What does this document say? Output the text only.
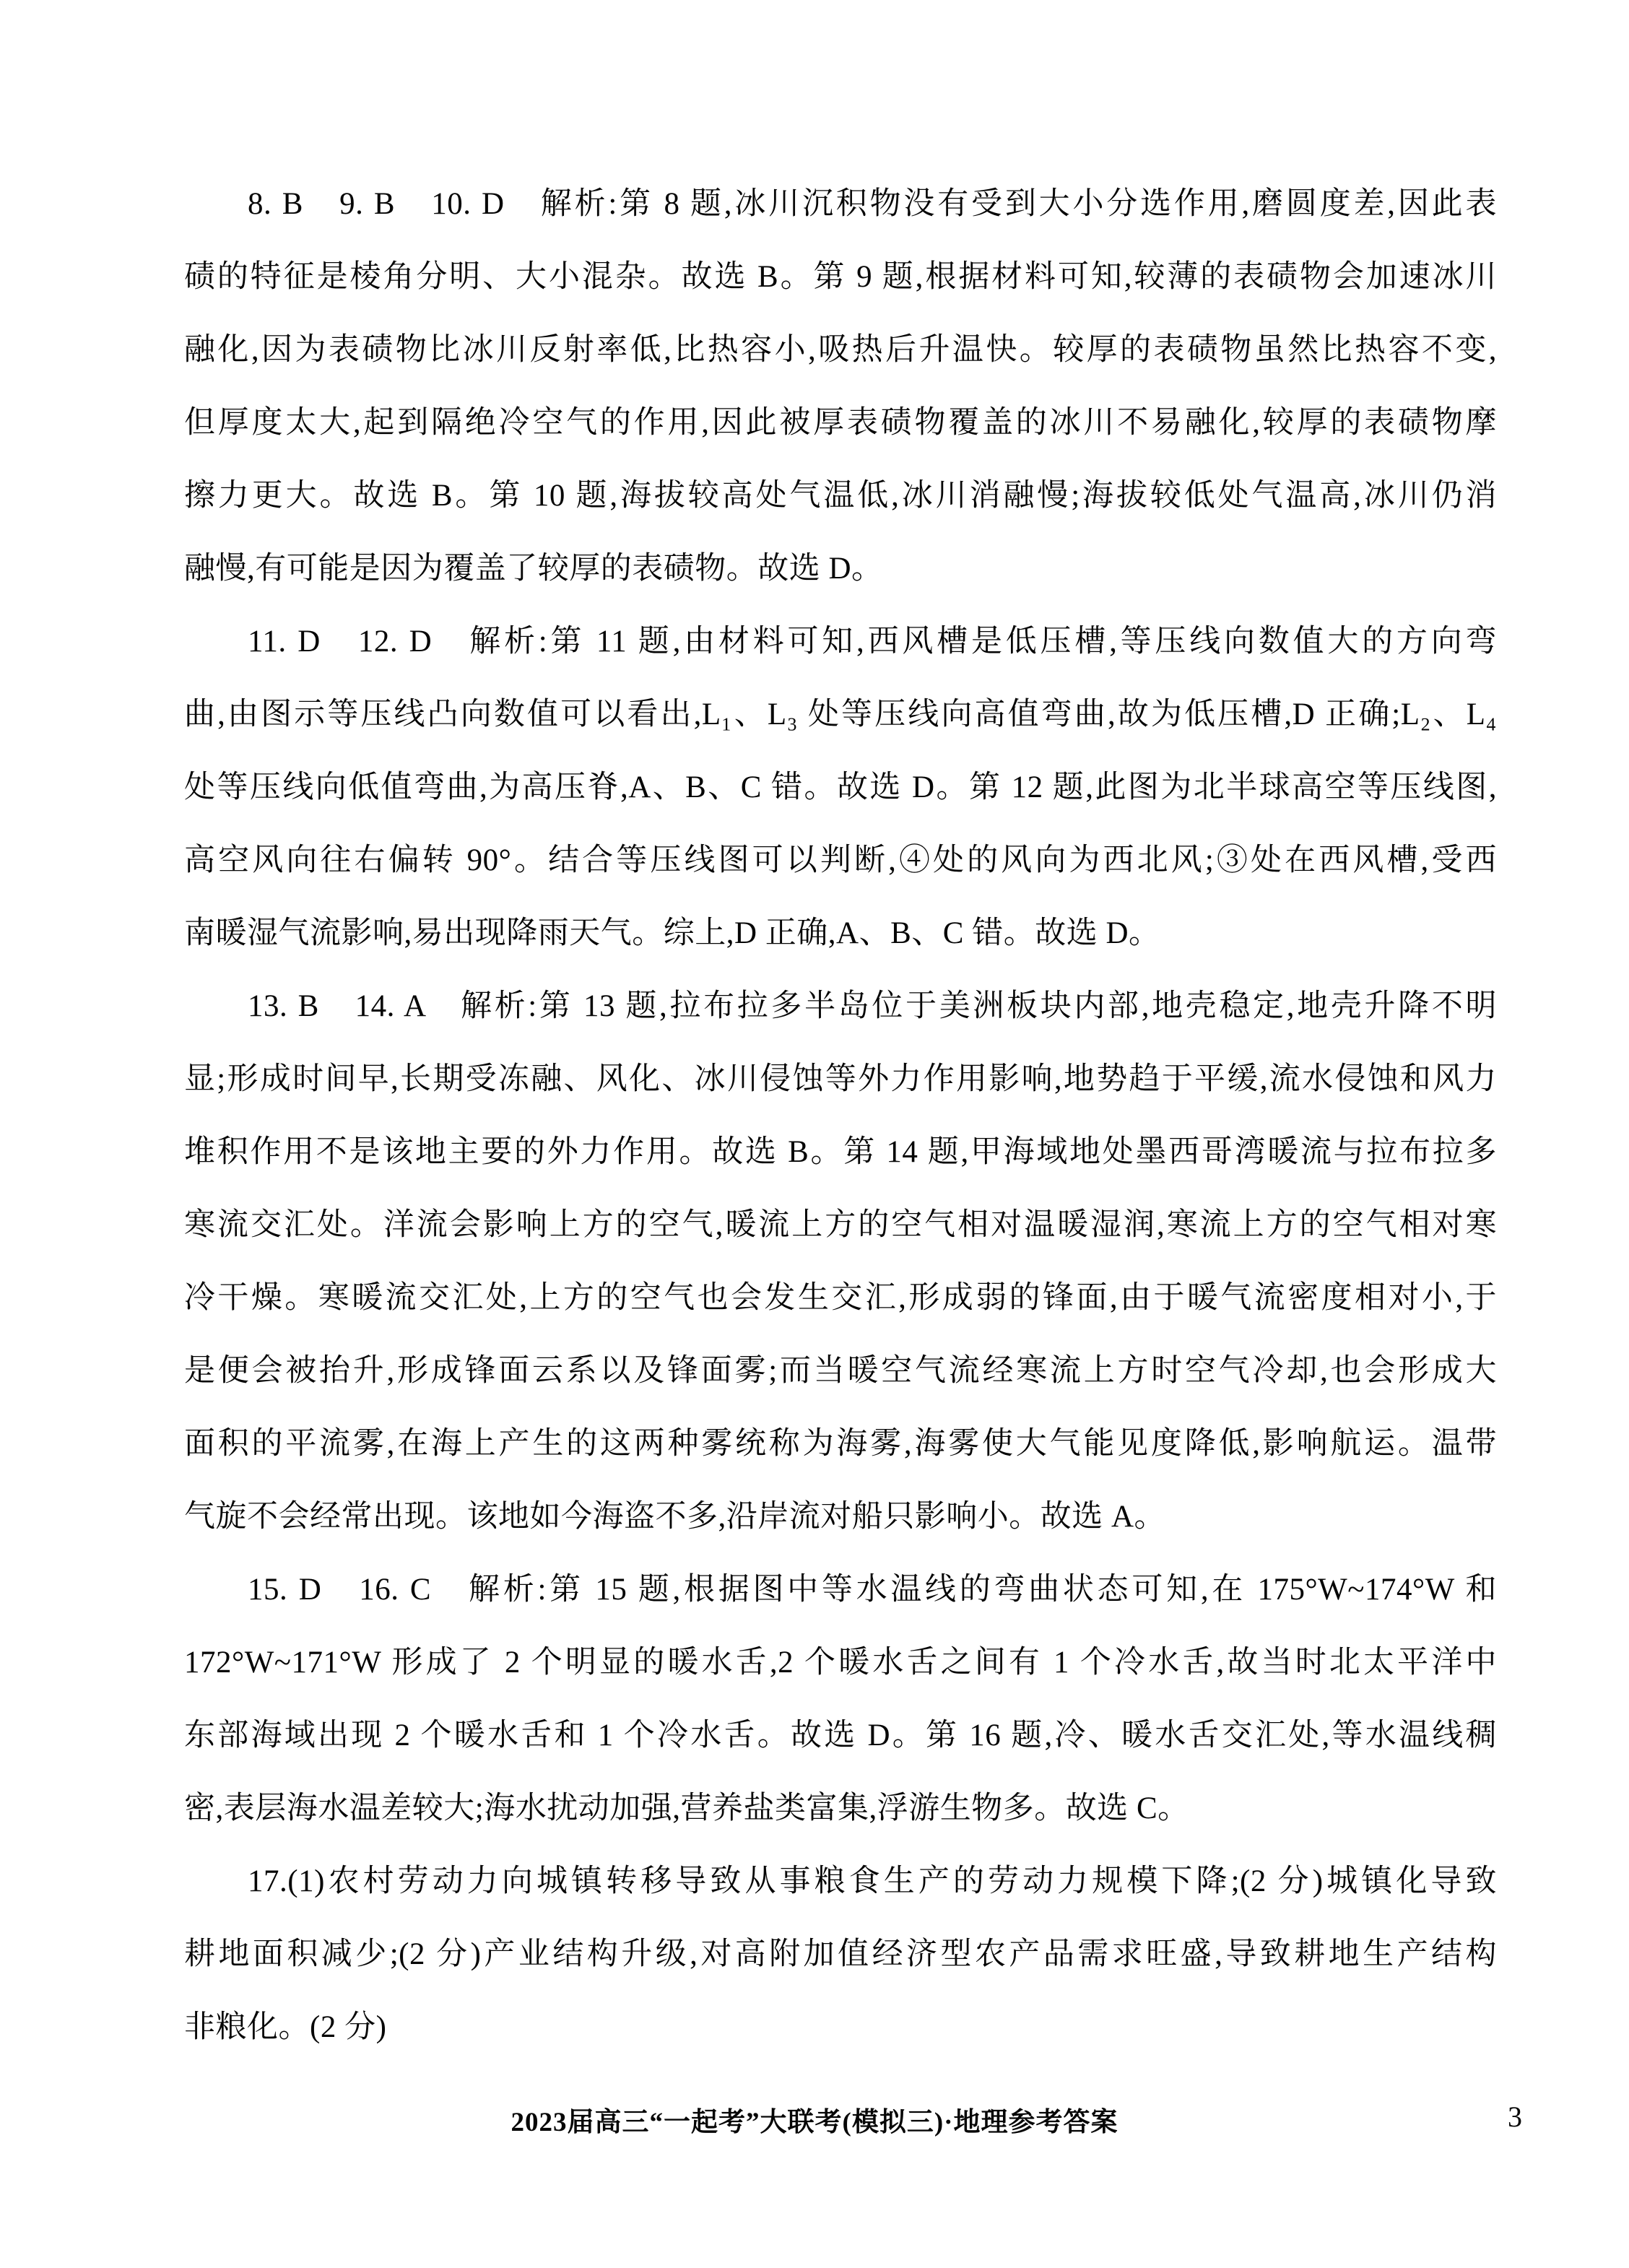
8. B　9. B　10. D　解析:第 8 题,冰川沉积物没有受到大小分选作用,磨圆度差,因此表
碛的特征是棱角分明、大小混杂。故选 B。第 9 题,根据材料可知,较薄的表碛物会加速冰川
融化,因为表碛物比冰川反射率低,比热容小,吸热后升温快。较厚的表碛物虽然比热容不变,
但厚度太大,起到隔绝冷空气的作用,因此被厚表碛物覆盖的冰川不易融化,较厚的表碛物摩
擦力更大。故选 B。第 10 题,海拔较高处气温低,冰川消融慢;海拔较低处气温高,冰川仍消
融慢,有可能是因为覆盖了较厚的表碛物。故选 D。
11. D　12. D　解析:第 11 题,由材料可知,西风槽是低压槽,等压线向数值大的方向弯
曲,由图示等压线凸向数值可以看出,L₁、L₃ 处等压线向高值弯曲,故为低压槽,D 正确;L₂、L₄
处等压线向低值弯曲,为高压脊,A、B、C 错。故选 D。第 12 题,此图为北半球高空等压线图,
高空风向往右偏转 90°。结合等压线图可以判断,④处的风向为西北风;③处在西风槽,受西
南暖湿气流影响,易出现降雨天气。综上,D 正确,A、B、C 错。故选 D。
13. B　14. A　解析:第 13 题,拉布拉多半岛位于美洲板块内部,地壳稳定,地壳升降不明
显;形成时间早,长期受冻融、风化、冰川侵蚀等外力作用影响,地势趋于平缓,流水侵蚀和风力
堆积作用不是该地主要的外力作用。故选 B。第 14 题,甲海域地处墨西哥湾暖流与拉布拉多
寒流交汇处。洋流会影响上方的空气,暖流上方的空气相对温暖湿润,寒流上方的空气相对寒
冷干燥。寒暖流交汇处,上方的空气也会发生交汇,形成弱的锋面,由于暖气流密度相对小,于
是便会被抬升,形成锋面云系以及锋面雾;而当暖空气流经寒流上方时空气冷却,也会形成大
面积的平流雾,在海上产生的这两种雾统称为海雾,海雾使大气能见度降低,影响航运。温带
气旋不会经常出现。该地如今海盗不多,沿岸流对船只影响小。故选 A。
15. D　16. C　解析:第 15 题,根据图中等水温线的弯曲状态可知,在 175°W~174°W 和
172°W~171°W 形成了 2 个明显的暖水舌,2 个暖水舌之间有 1 个冷水舌,故当时北太平洋中
东部海域出现 2 个暖水舌和 1 个冷水舌。故选 D。第 16 题,冷、暖水舌交汇处,等水温线稠
密,表层海水温差较大;海水扰动加强,营养盐类富集,浮游生物多。故选 C。
17.(1)农村劳动力向城镇转移导致从事粮食生产的劳动力规模下降;(2 分)城镇化导致
耕地面积减少;(2 分)产业结构升级,对高附加值经济型农产品需求旺盛,导致耕地生产结构
非粮化。(2 分)
2023届高三“一起考”大联考(模拟三)·地理参考答案	3
